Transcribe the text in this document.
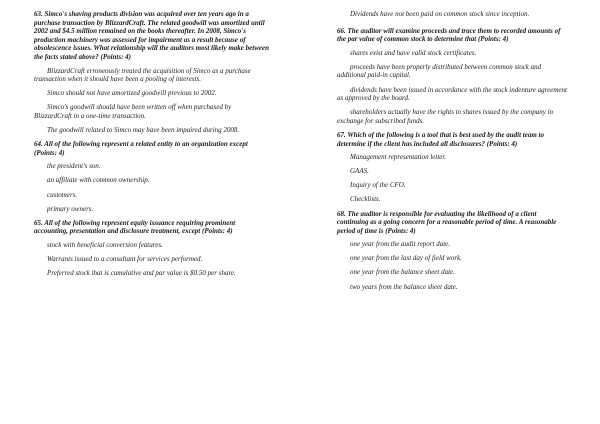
63. Simco's shaving products division was acquired over ten years ago in a purchase transaction by BlizzardCraft. The related goodwill was amortized until 2002 and $4.5 million remained on the books thereafter. In 2008, Simco's production machinery was assessed for impairment as a result because of obsolescence issues. What relationship will the auditors most likely make between the facts stated above? (Points: 4)

BlizzardCraft erroneously treated the acquisition of Simco as a purchase transaction when it should have been a pooling of interests.

Simco should not have amortized goodwill previous to 2002.

Simco's goodwill should have been written off when purchased by BlizzardCraft in a one-time transaction.

The goodwill related to Simco may have been impaired during 2008.

64. All of the following represent a related entity to an organization except (Points: 4)

the president's son.

an affiliate with common ownership.

customers.

primary owners.

65. All of the following represent equity issuance requiring prominent accounting, presentation and disclosure treatment, except (Points: 4)

stock with beneficial conversion features.

Warrants issued to a consultant for services performed.

Preferred stock that is cumulative and par value is $0.50 per share.

Dividends have not been paid on common stock since inception.

66. The auditor will examine proceeds and trace them to recorded amounts of the par value of common stock to determine that (Points: 4)

shares exist and have valid stock certificates.

proceeds have been properly distributed between common stock and additional paid-in capital.

dividends have been issued in accordance with the stock indenture agreement as approved by the board.

shareholders actually have the rights to shares issued by the company in exchange for subscribed funds.

67. Which of the following is a tool that is best used by the audit team to determine if the client has included all disclosures? (Points: 4)

Management representation letter.

GAAS.

Inquiry of the CFO.

Checklists.

68. The auditor is responsible for evaluating the likelihood of a client continuing as a going concern for a reasonable period of time. A reasonable period of time is (Points: 4)

one year from the audit report date.

one year from the last day of field work.

one year from the balance sheet date.

two years from the balance sheet date.
